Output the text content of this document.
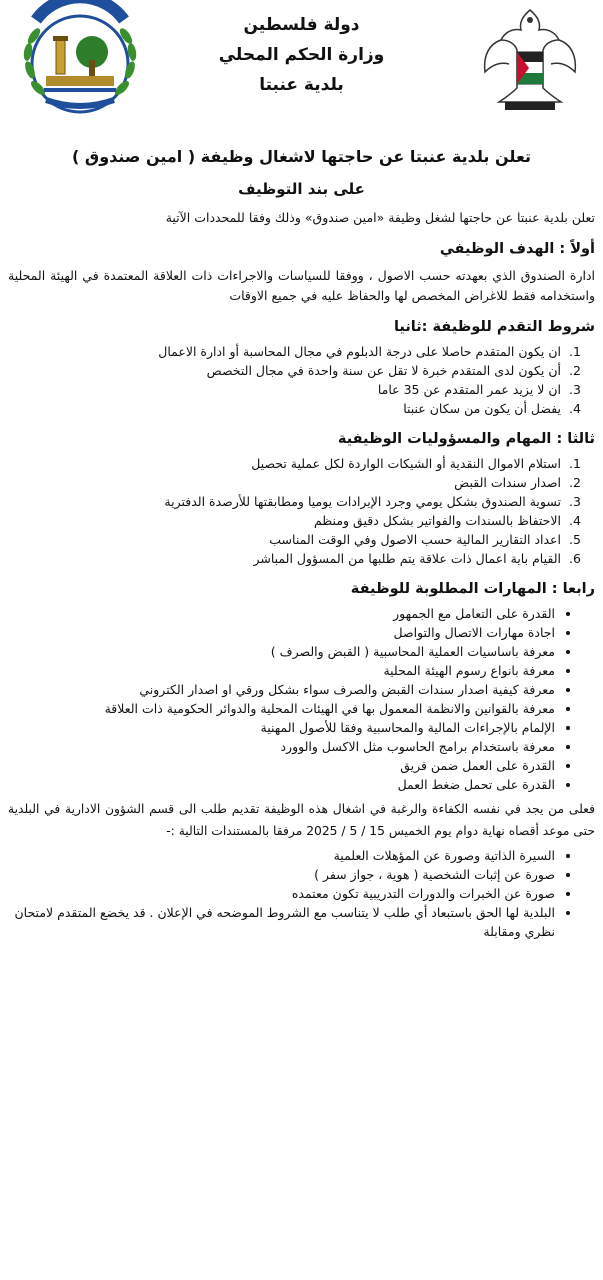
دولة فلسطين
وزارة الحكم المحلي
بلدية عنبتا
تعلن بلدية عنبتا عن حاجتها لاشغال وظيفة ( امين صندوق )
على بند التوظيف

تعلن بلدية عنبتا عن حاجتها لشغل وظيفة «امين صندوق» وذلك وفقا للمحددات الآتية

أولاً : الهدف الوظيفي

ادارة الصندوق الذي بعهدته حسب الاصول ، ووفقا للسياسات والاجراءات ذات العلاقة المعتمدة في الهيئة المحلية واستخدامه فقط للاغراض المخصص لها والحفاظ عليه في جميع الاوقات

شروط التقدم للوظيفة :ثانيا
1. ان يكون المتقدم حاصلا على درجة الدبلوم في مجال المحاسبة أو ادارة الاعمال
2. أن يكون لدى المتقدم خبرة لا تقل عن سنة واحدة في مجال التخصص
3. ان لا يزيد عمر المتقدم عن 35 عاما
4. يفضل أن يكون من سكان عنبتا
ثالثا : المهام والمسؤوليات الوظيفية
1. استلام الاموال النقدية أو الشيكات الواردة لكل عملية تحصيل
2. اصدار سندات القبض
3. تسوية الصندوق بشكل يومي وجرد الإيرادات يوميا ومطابقتها للأرصدة الدفترية
4. الاحتفاظ بالسندات والفواتير بشكل دقيق ومنظم
5. اعداد التقارير المالية حسب الاصول وفي الوقت المناسب
6. القيام باية اعمال ذات علاقة يتم طلبها من المسؤول المباشر
رابعا : المهارات المطلوبة للوظيفة
• القدرة على التعامل مع الجمهور
• اجادة مهارات الاتصال والتواصل
• معرفة باساسيات العملية المحاسبية ( القبض والصرف )
• معرفة بانواع رسوم الهيئة المحلية
• معرفة كيفية اصدار سندات القبض والصرف سواء بشكل ورقي او اصدار الكتروني
• معرفة بالقوانين والانظمة المعمول بها في الهيئات المحلية والدوائر الحكومية ذات العلاقة
• الإلمام بالإجراءات المالية والمحاسبية وفقا للأصول المهنية
• معرفة باستخدام برامج الحاسوب مثل الاكسل والوورد
• القدرة على العمل ضمن فريق
• القدرة على تحمل ضغط العمل

فعلى من يجد في نفسه الكفاءة والرغبة في اشغال هذه الوظيفة تقديم طلب الى قسم الشؤون الادارية في البلدية حتى موعد أقصاه نهاية دوام يوم الخميس 15 / 5 / 2025 مرفقا بالمستندات التالية :-

• السيرة الذاتية وصورة عن المؤهلات العلمية
• صورة عن إثبات الشخصية ( هوية ، جواز سفر )
• صورة عن الخبرات والدورات التدريبية تكون معتمده
• البلدية لها الحق باستبعاد أي طلب لا يتناسب مع الشروط الموضحه في الإعلان . قد يخضع المتقدم لامتحان نظري ومقابلة
